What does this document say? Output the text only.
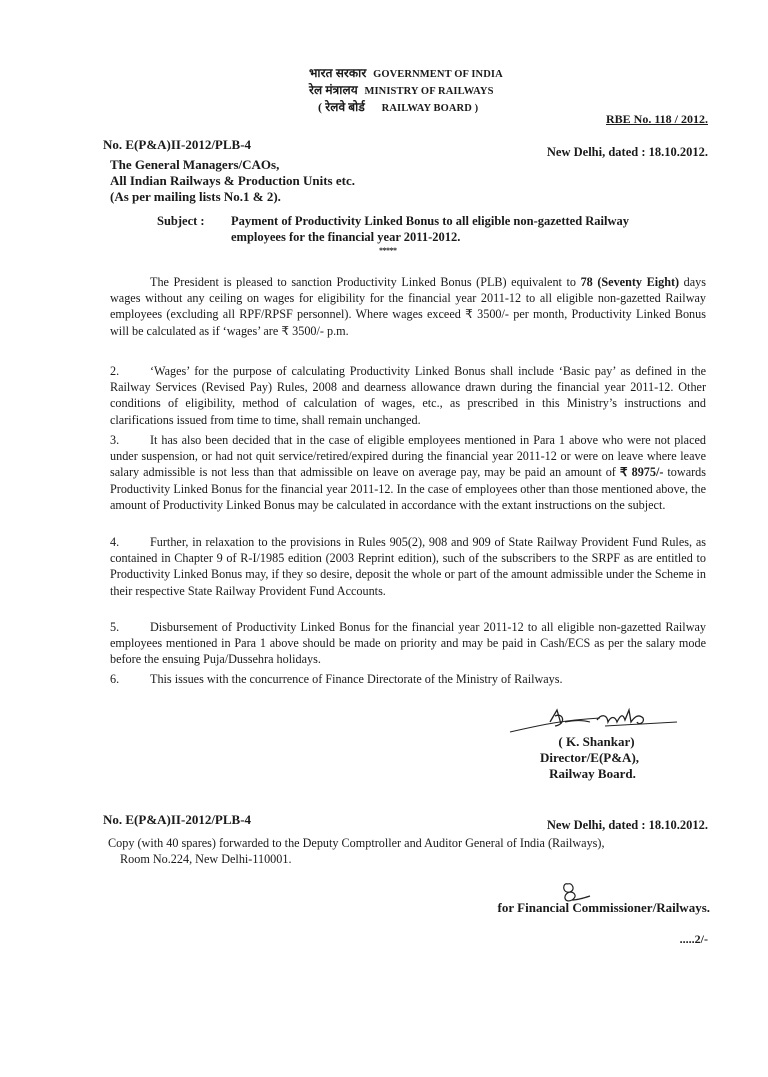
भारत सरकार GOVERNMENT OF INDIA
रेल मंत्रालय MINISTRY OF RAILWAYS
( रेलवे बोर्ड RAILWAY BOARD )
RBE No. 118 / 2012.
No. E(P&A)II-2012/PLB-4	New Delhi, dated : 18.10.2012.
The General Managers/CAOs,
All Indian Railways & Production Units etc.
(As per mailing lists No.1 & 2).
Subject : Payment of Productivity Linked Bonus to all eligible non-gazetted Railway
employees for the financial year 2011-2012.
*****
The President is pleased to sanction Productivity Linked Bonus (PLB) equivalent to 78 (Seventy Eight) days wages without any ceiling on wages for eligibility for the financial year 2011-12 to all eligible non-gazetted Railway employees (excluding all RPF/RPSF personnel). Where wages exceed ₹ 3500/- per month, Productivity Linked Bonus will be calculated as if ‘wages’ are ₹ 3500/- p.m.
2.	‘Wages’ for the purpose of calculating Productivity Linked Bonus shall include ‘Basic pay’ as defined in the Railway Services (Revised Pay) Rules, 2008 and dearness allowance drawn during the financial year 2011-12. Other conditions of eligibility, method of calculation of wages, etc., as prescribed in this Ministry’s instructions and clarifications issued from time to time, shall remain unchanged.
3.	It has also been decided that in the case of eligible employees mentioned in Para 1 above who were not placed under suspension, or had not quit service/retired/expired during the financial year 2011-12 or were on leave where leave salary admissible is not less than that admissible on leave on average pay, may be paid an amount of ₹ 8975/- towards Productivity Linked Bonus for the financial year 2011-12. In the case of employees other than those mentioned above, the amount of Productivity Linked Bonus may be calculated in accordance with the extant instructions on the subject.
4.	Further, in relaxation to the provisions in Rules 905(2), 908 and 909 of State Railway Provident Fund Rules, as contained in Chapter 9 of R-I/1985 edition (2003 Reprint edition), such of the subscribers to the SRPF as are entitled to Productivity Linked Bonus may, if they so desire, deposit the whole or part of the amount admissible under the Scheme in their respective State Railway Provident Fund Accounts.
5.	Disbursement of Productivity Linked Bonus for the financial year 2011-12 to all eligible non-gazetted Railway employees mentioned in Para 1 above should be made on priority and may be paid in Cash/ECS as per the salary mode before the ensuing Puja/Dussehra holidays.
6.	This issues with the concurrence of Finance Directorate of the Ministry of Railways.
( K. Shankar)
Director/E(P&A),
Railway Board.
No. E(P&A)II-2012/PLB-4	New Delhi, dated : 18.10.2012.
Copy (with 40 spares) forwarded to the Deputy Comptroller and Auditor General of India (Railways),
Room No.224, New Delhi-110001.
for Financial Commissioner/Railways.
.....2/-
